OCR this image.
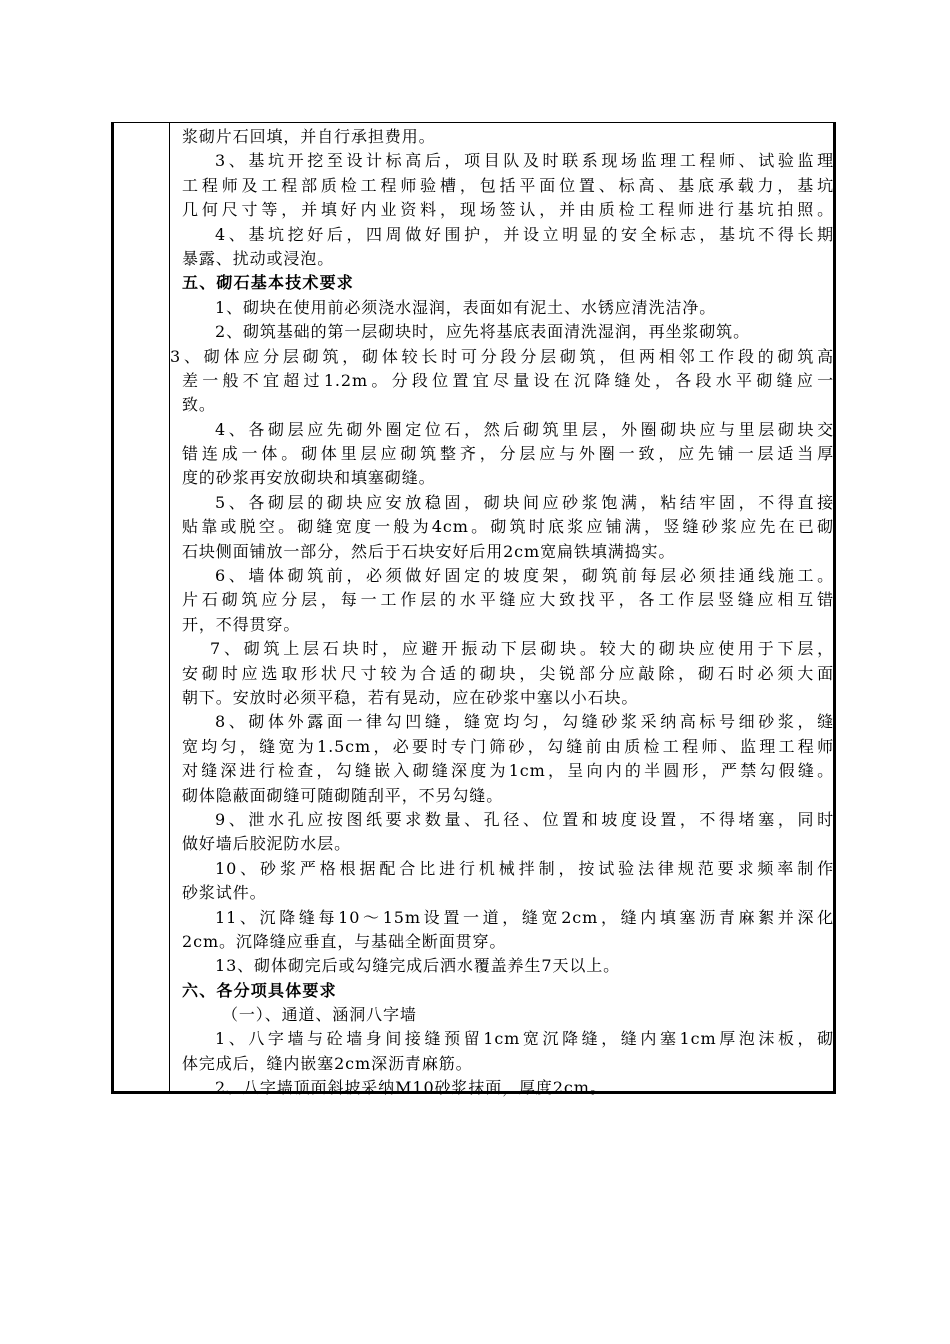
浆砌片石回填，并自行承担费用。
3、基坑开挖至设计标高后，项目队及时联系现场监理工程师、试验监理
工程师及工程部质检工程师验槽，包括平面位置、标高、基底承载力，基坑
几何尺寸等，并填好内业资料，现场签认，并由质检工程师进行基坑拍照。
4、基坑挖好后，四周做好围护，并设立明显的安全标志，基坑不得长期
暴露、扰动或浸泡。
五、砌石基本技术要求
1、砌块在使用前必须浇水湿润，表面如有泥土、水锈应清洗洁净。
2、砌筑基础的第一层砌块时，应先将基底表面清洗湿润，再坐浆砌筑。
3、砌体应分层砌筑，砌体较长时可分段分层砌筑，但两相邻工作段的砌筑高
差一般不宜超过1.2m。分段位置宜尽量设在沉降缝处，各段水平砌缝应一
致。
4、各砌层应先砌外圈定位石，然后砌筑里层，外圈砌块应与里层砌块交
错连成一体。砌体里层应砌筑整齐，分层应与外圈一致，应先铺一层适当厚
度的砂浆再安放砌块和填塞砌缝。
5、各砌层的砌块应安放稳固，砌块间应砂浆饱满，粘结牢固，不得直接
贴靠或脱空。砌缝宽度一般为4cm。砌筑时底浆应铺满，竖缝砂浆应先在已砌
石块侧面铺放一部分，然后于石块安好后用2cm宽扁铁填满捣实。
6、墙体砌筑前，必须做好固定的坡度架，砌筑前每层必须挂通线施工。
片石砌筑应分层，每一工作层的水平缝应大致找平，各工作层竖缝应相互错
开，不得贯穿。
7、砌筑上层石块时，应避开振动下层砌块。较大的砌块应使用于下层，
安砌时应选取形状尺寸较为合适的砌块，尖锐部分应敲除，砌石时必须大面
朝下。安放时必须平稳，若有晃动，应在砂浆中塞以小石块。
8、砌体外露面一律勾凹缝，缝宽均匀，勾缝砂浆采纳高标号细砂浆，缝
宽均匀，缝宽为1.5cm，必要时专门筛砂，勾缝前由质检工程师、监理工程师
对缝深进行检查，勾缝嵌入砌缝深度为1cm，呈向内的半圆形，严禁勾假缝。
砌体隐蔽面砌缝可随砌随刮平，不另勾缝。
9、泄水孔应按图纸要求数量、孔径、位置和坡度设置，不得堵塞，同时
做好墙后胶泥防水层。
10、砂浆严格根据配合比进行机械拌制，按试验法律规范要求频率制作
砂浆试件。
11、沉降缝每10～15m设置一道，缝宽2cm，缝内填塞沥青麻絮并深化
2cm。沉降缝应垂直，与基础全断面贯穿。
13、砌体砌完后或勾缝完成后洒水覆盖养生7天以上。
六、各分项具体要求
（一）、通道、涵洞八字墙
1、八字墙与砼墙身间接缝预留1cm宽沉降缝，缝内塞1cm厚泡沫板，砌
体完成后，缝内嵌塞2cm深沥青麻筋。
2、八字墙顶面斜坡采纳M10砂浆抹面，厚度2cm。
